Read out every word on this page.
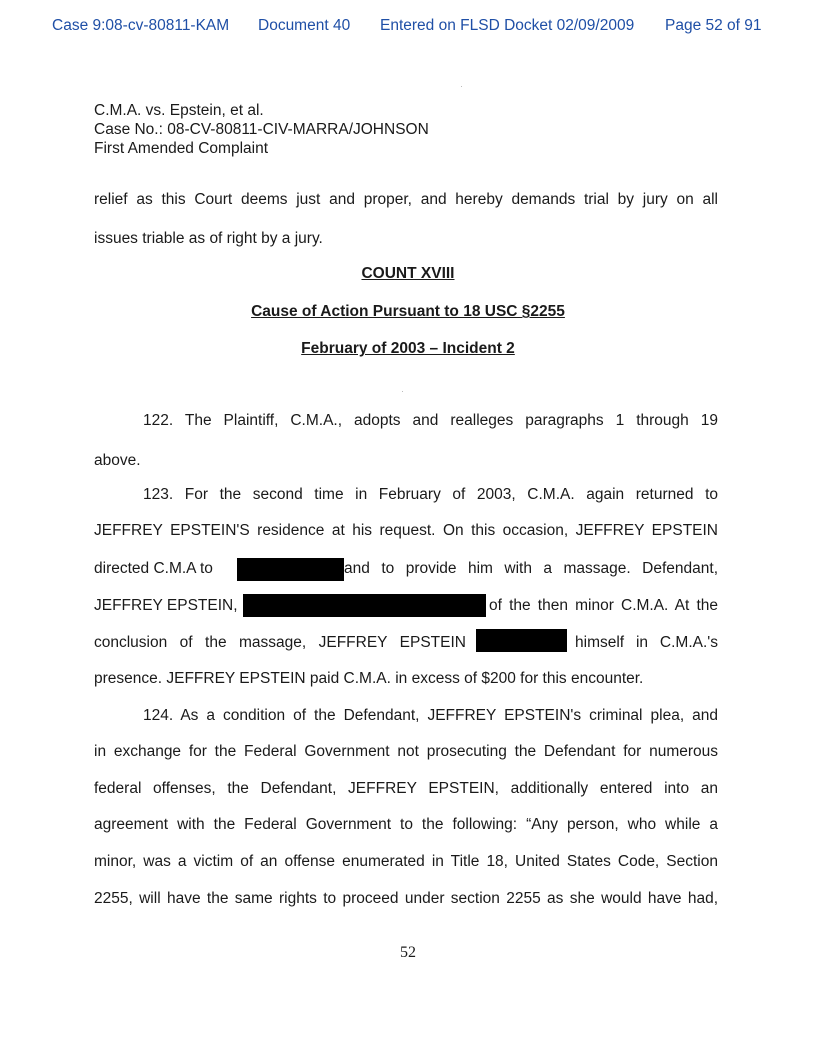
Case 9:08-cv-80811-KAM Document 40 Entered on FLSD Docket 02/09/2009 Page 52 of 91
C.M.A. vs. Epstein, et al.
Case No.: 08-CV-80811-CIV-MARRA/JOHNSON
First Amended Complaint
relief as this Court deems just and proper, and hereby demands trial by jury on all
issues triable as of right by a jury.
COUNT XVIII
Cause of Action Pursuant to 18 USC §2255
February of 2003 – Incident 2
122. The Plaintiff, C.M.A., adopts and realleges paragraphs 1 through 19
above.
123. For the second time in February of 2003, C.M.A. again returned to
JEFFREY EPSTEIN'S residence at his request. On this occasion, JEFFREY EPSTEIN
directed C.M.A to	and to provide him with a massage. Defendant,
JEFFREY EPSTEIN,	of the then minor C.M.A. At the
conclusion of the massage, JEFFREY EPSTEIN	himself in C.M.A.'s
presence. JEFFREY EPSTEIN paid C.M.A. in excess of $200 for this encounter.
124. As a condition of the Defendant, JEFFREY EPSTEIN's criminal plea, and
in exchange for the Federal Government not prosecuting the Defendant for numerous
federal offenses, the Defendant, JEFFREY EPSTEIN, additionally entered into an
agreement with the Federal Government to the following: “Any person, who while a
minor, was a victim of an offense enumerated in Title 18, United States Code, Section
2255, will have the same rights to proceed under section 2255 as she would have had,
52
